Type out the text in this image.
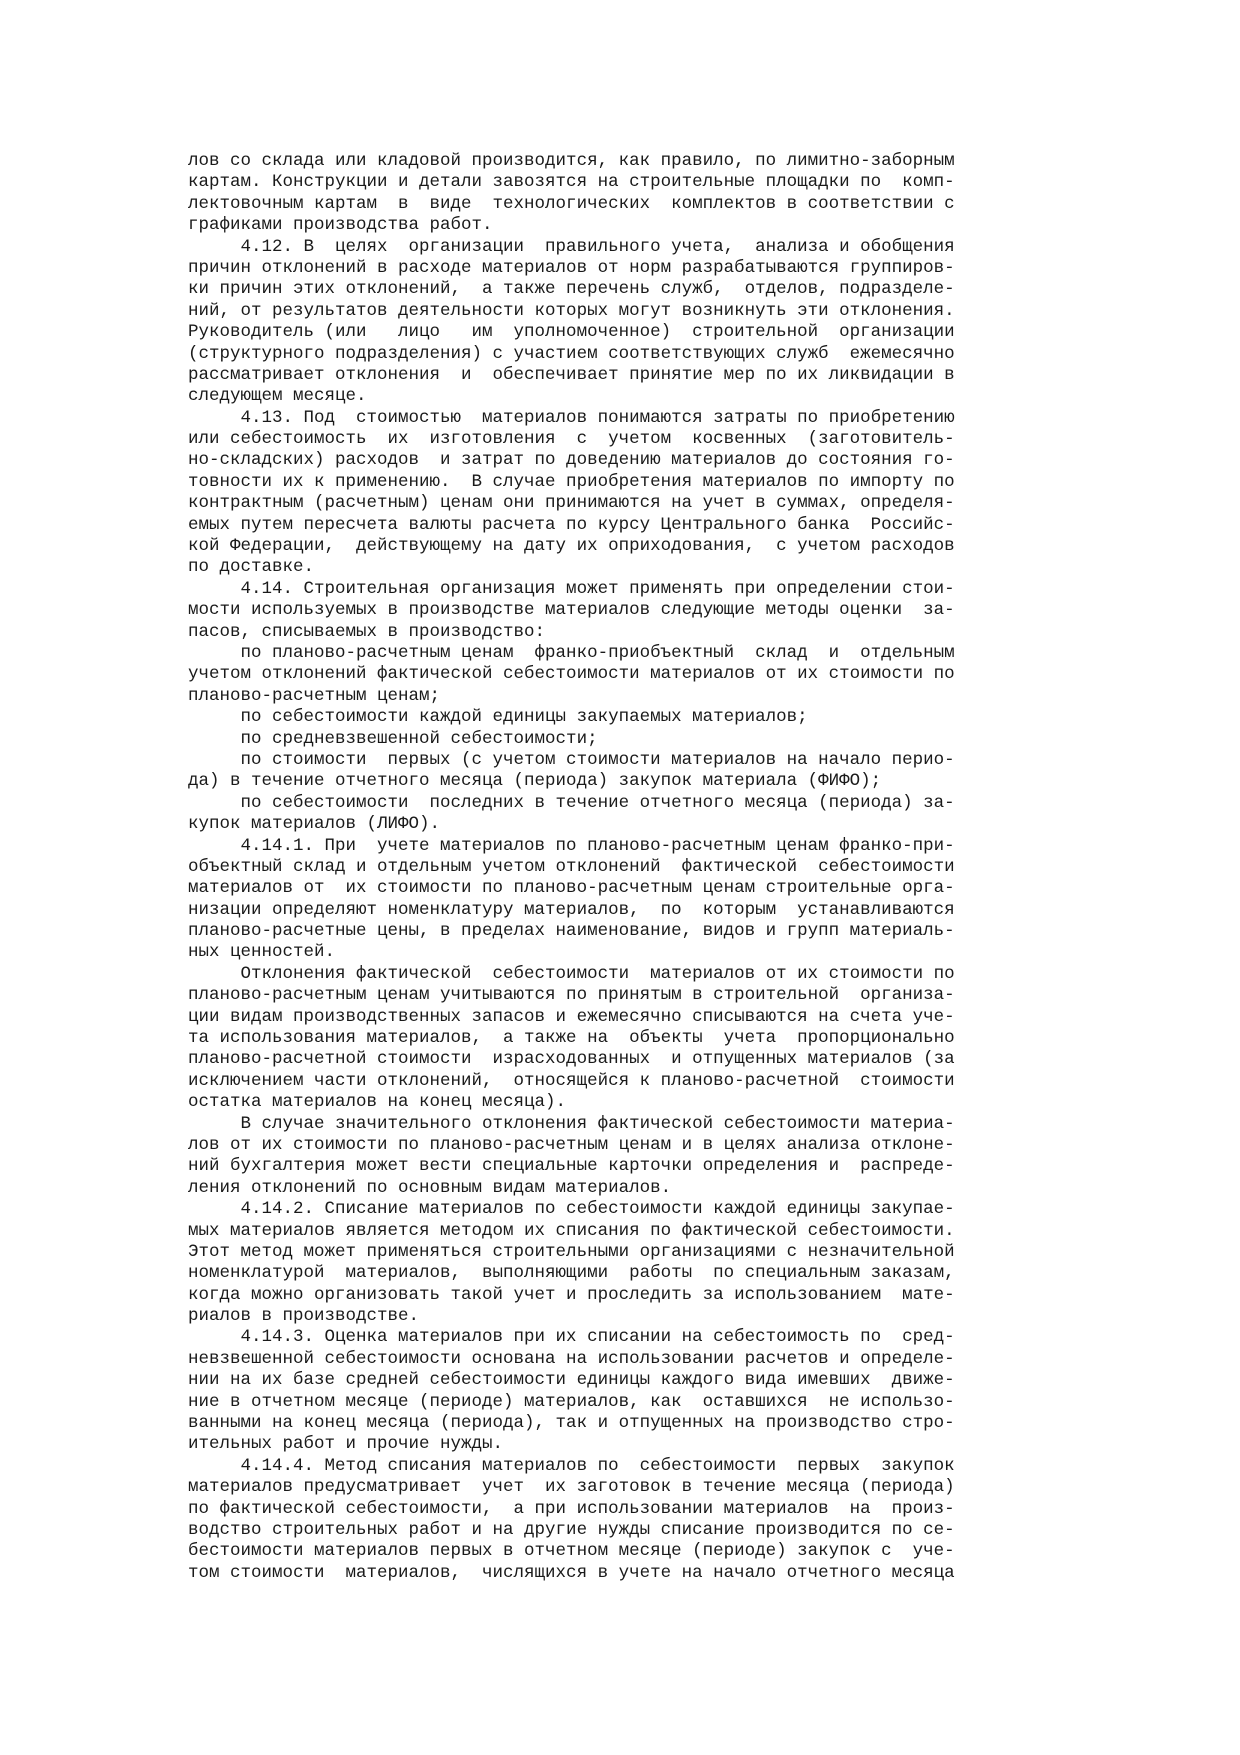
лов со склада или кладовой производится, как правило, по лимитно-заборным
картам. Конструкции и детали завозятся на строительные площадки по  комп-
лектовочным картам  в  виде  технологических  комплектов в соответствии с
графиками производства работ.
4.12. В  целях  организации  правильного учета,  анализа и обобщения
причин отклонений в расходе материалов от норм разрабатываются группиров-
ки причин этих отклонений,  а также перечень служб,  отделов, подразделе-
ний, от результатов деятельности которых могут возникнуть эти отклонения.
Руководитель (или   лицо   им  уполномоченное)  строительной  организации
(структурного подразделения) с участием соответствующих служб  ежемесячно
рассматривает отклонения  и  обеспечивает принятие мер по их ликвидации в
следующем месяце.
4.13. Под  стоимостью  материалов понимаются затраты по приобретению
или себестоимость  их  изготовления  с  учетом  косвенных  (заготовитель-
но-складских) расходов  и затрат по доведению материалов до состояния го-
товности их к применению.  В случае приобретения материалов по импорту по
контрактным (расчетным) ценам они принимаются на учет в суммах, определя-
емых путем пересчета валюты расчета по курсу Центрального банка  Российс-
кой Федерации,  действующему на дату их оприходования,  с учетом расходов
по доставке.
4.14. Строительная организация может применять при определении стои-
мости используемых в производстве материалов следующие методы оценки  за-
пасов, списываемых в производство:
по планово-расчетным ценам  франко-приобъектный  склад  и  отдельным
учетом отклонений фактической себестоимости материалов от их стоимости по
планово-расчетным ценам;
по себестоимости каждой единицы закупаемых материалов;
по средневзвешенной себестоимости;
по стоимости  первых (с учетом стоимости материалов на начало перио-
да) в течение отчетного месяца (периода) закупок материала (ФИФО);
по себестоимости  последних в течение отчетного месяца (периода) за-
купок материалов (ЛИФО).
4.14.1. При  учете материалов по планово-расчетным ценам франко-при-
объектный склад и отдельным учетом отклонений  фактической  себестоимости
материалов от  их стоимости по планово-расчетным ценам строительные орга-
низации определяют номенклатуру материалов,  по  которым  устанавливаются
планово-расчетные цены, в пределах наименование, видов и групп материаль-
ных ценностей.
Отклонения фактической  себестоимости  материалов от их стоимости по
планово-расчетным ценам учитываются по принятым в строительной  организа-
ции видам производственных запасов и ежемесячно списываются на счета уче-
та использования материалов,  а также на  объекты  учета  пропорционально
планово-расчетной стоимости  израсходованных  и отпущенных материалов (за
исключением части отклонений,  относящейся к планово-расчетной  стоимости
остатка материалов на конец месяца).
В случае значительного отклонения фактической себестоимости материа-
лов от их стоимости по планово-расчетным ценам и в целях анализа отклоне-
ний бухгалтерия может вести специальные карточки определения и  распреде-
ления отклонений по основным видам материалов.
4.14.2. Списание материалов по себестоимости каждой единицы закупае-
мых материалов является методом их списания по фактической себестоимости.
Этот метод может применяться строительными организациями с незначительной
номенклатурой  материалов,  выполняющими  работы  по специальным заказам,
когда можно организовать такой учет и проследить за использованием  мате-
риалов в производстве.
4.14.3. Оценка материалов при их списании на себестоимость по  сред-
невзвешенной себестоимости основана на использовании расчетов и определе-
нии на их базе средней себестоимости единицы каждого вида имевших  движе-
ние в отчетном месяце (периоде) материалов, как  оставшихся  не использо-
ванными на конец месяца (периода), так и отпущенных на производство стро-
ительных работ и прочие нужды.
4.14.4. Метод списания материалов по  себестоимости  первых  закупок
материалов предусматривает  учет  их заготовок в течение месяца (периода)
по фактической себестоимости,  а при использовании материалов  на  произ-
водство строительных работ и на другие нужды списание производится по се-
бестоимости материалов первых в отчетном месяце (периоде) закупок с  уче-
том стоимости  материалов,  числящихся в учете на начало отчетного месяца
